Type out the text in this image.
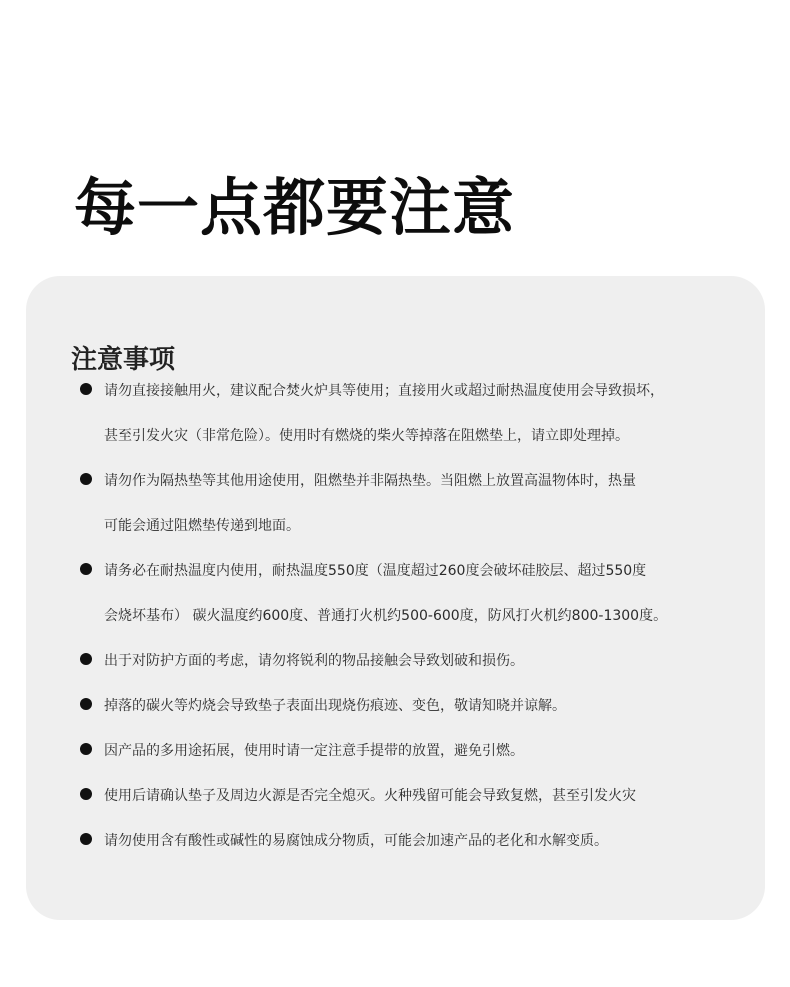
每一点都要注意
注意事项
请勿直接接触用火，建议配合焚火炉具等使用；直接用火或超过耐热温度使用会导致损坏，
甚至引发火灾（非常危险）。使用时有燃烧的柴火等掉落在阻燃垫上，请立即处理掉。
请勿作为隔热垫等其他用途使用，阻燃垫并非隔热垫。当阻燃上放置高温物体时，热量
可能会通过阻燃垫传递到地面。
请务必在耐热温度内使用，耐热温度550度（温度超过260度会破坏硅胶层、超过550度
会烧坏基布） 碳火温度约600度、普通打火机约500-600度，防风打火机约800-1300度。
出于对防护方面的考虑，请勿将锐利的物品接触会导致划破和损伤。
掉落的碳火等灼烧会导致垫子表面出现烧伤痕迹、变色，敬请知晓并谅解。
因产品的多用途拓展，使用时请一定注意手提带的放置，避免引燃。
使用后请确认垫子及周边火源是否完全熄灭。火种残留可能会导致复燃，甚至引发火灾
请勿使用含有酸性或碱性的易腐蚀成分物质，可能会加速产品的老化和水解变质。
